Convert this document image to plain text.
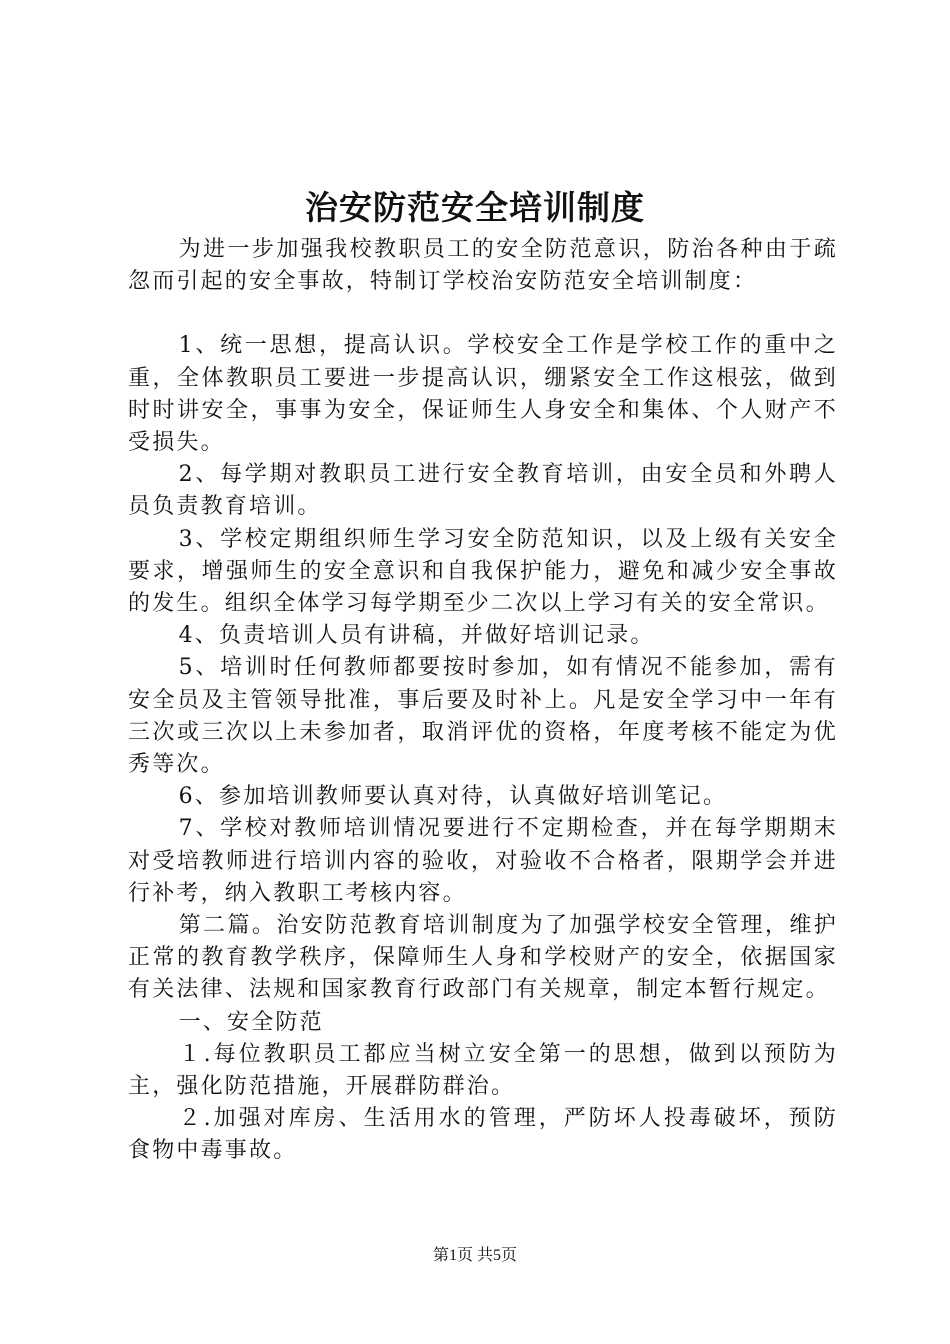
治安防范安全培训制度

为进一步加强我校教职员工的安全防范意识，防治各种由于疏忽而引起的安全事故，特制订学校治安防范安全培训制度：

1、统一思想，提高认识。学校安全工作是学校工作的重中之重，全体教职员工要进一步提高认识，绷紧安全工作这根弦，做到时时讲安全，事事为安全，保证师生人身安全和集体、个人财产不受损失。

2、每学期对教职员工进行安全教育培训，由安全员和外聘人员负责教育培训。

3、学校定期组织师生学习安全防范知识，以及上级有关安全要求，增强师生的安全意识和自我保护能力，避免和减少安全事故的发生。组织全体学习每学期至少二次以上学习有关的安全常识。

4、负责培训人员有讲稿，并做好培训记录。

5、培训时任何教师都要按时参加，如有情况不能参加，需有安全员及主管领导批准，事后要及时补上。凡是安全学习中一年有三次或三次以上未参加者，取消评优的资格，年度考核不能定为优秀等次。

6、参加培训教师要认真对待，认真做好培训笔记。

7、学校对教师培训情况要进行不定期检查，并在每学期期末对受培教师进行培训内容的验收，对验收不合格者，限期学会并进行补考，纳入教职工考核内容。

第二篇。治安防范教育培训制度为了加强学校安全管理，维护正常的教育教学秩序，保障师生人身和学校财产的安全，依据国家有关法律、法规和国家教育行政部门有关规章，制定本暂行规定。

一、安全防范

１.每位教职员工都应当树立安全第一的思想，做到以预防为主，强化防范措施，开展群防群治。

２.加强对库房、生活用水的管理，严防坏人投毒破坏，预防食物中毒事故。

第1页 共5页
